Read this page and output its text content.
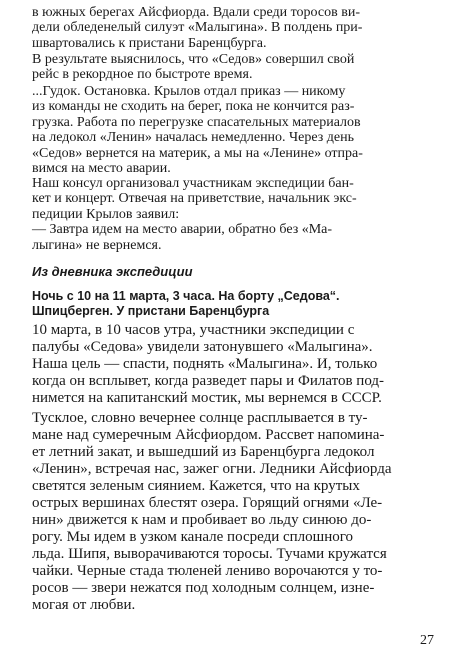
в южных берегах Айсфиорда. Вдали среди торосов ви-
дели обледенелый силуэт «Малыгина». В полдень при-
швартовались к пристани Баренцбурга.

В результате выяснилось, что «Седов» совершил свой
рейс в рекордное по быстроте время.

...Гудок. Остановка. Крылов отдал приказ — никому
из команды не сходить на берег, пока не кончится раз-
грузка. Работа по перегрузке спасательных материалов
на ледокол «Ленин» началась немедленно. Через день
«Седов» вернется на материк, а мы на «Ленине» отпра-
вимся на место аварии.

Наш консул организовал участникам экспедиции бан-
кет и концерт. Отвечая на приветствие, начальник экс-
педиции Крылов заявил:
— Завтра идем на место аварии, обратно без «Ма-
лыгина» не вернемся.

Из дневника экспедиции

Ночь с 10 на 11 марта, 3 часа. На борту „Седова“.
Шпицберген. У пристани Баренцбурга

10 марта, в 10 часов утра, участники экспедиции с
палубы «Седова» увидели затонувшего «Малыгина».
Наша цель — спасти, поднять «Малыгина». И, только
когда он всплывет, когда разведет пары и Филатов под-
нимется на капитанский мостик, мы вернемся в СССР.

Тусклое, словно вечернее солнце расплывается в ту-
мане над сумеречным Айсфиордом. Рассвет напомина-
ет летний закат, и вышедший из Баренцбурга ледокол
«Ленин», встречая нас, зажег огни. Ледники Айсфиорда
светятся зеленым сиянием. Кажется, что на крутых
острых вершинах блестят озера. Горящий огнями «Ле-
нин» движется к нам и пробивает во льду синюю до-
рогу. Мы идем в узком канале посреди сплошного
льда. Шипя, выворачиваются торосы. Тучами кружатся
чайки. Черные стада тюленей лениво ворочаются у то-
росов — звери нежатся под холодным солнцем, изне-
могая от любви.

27
